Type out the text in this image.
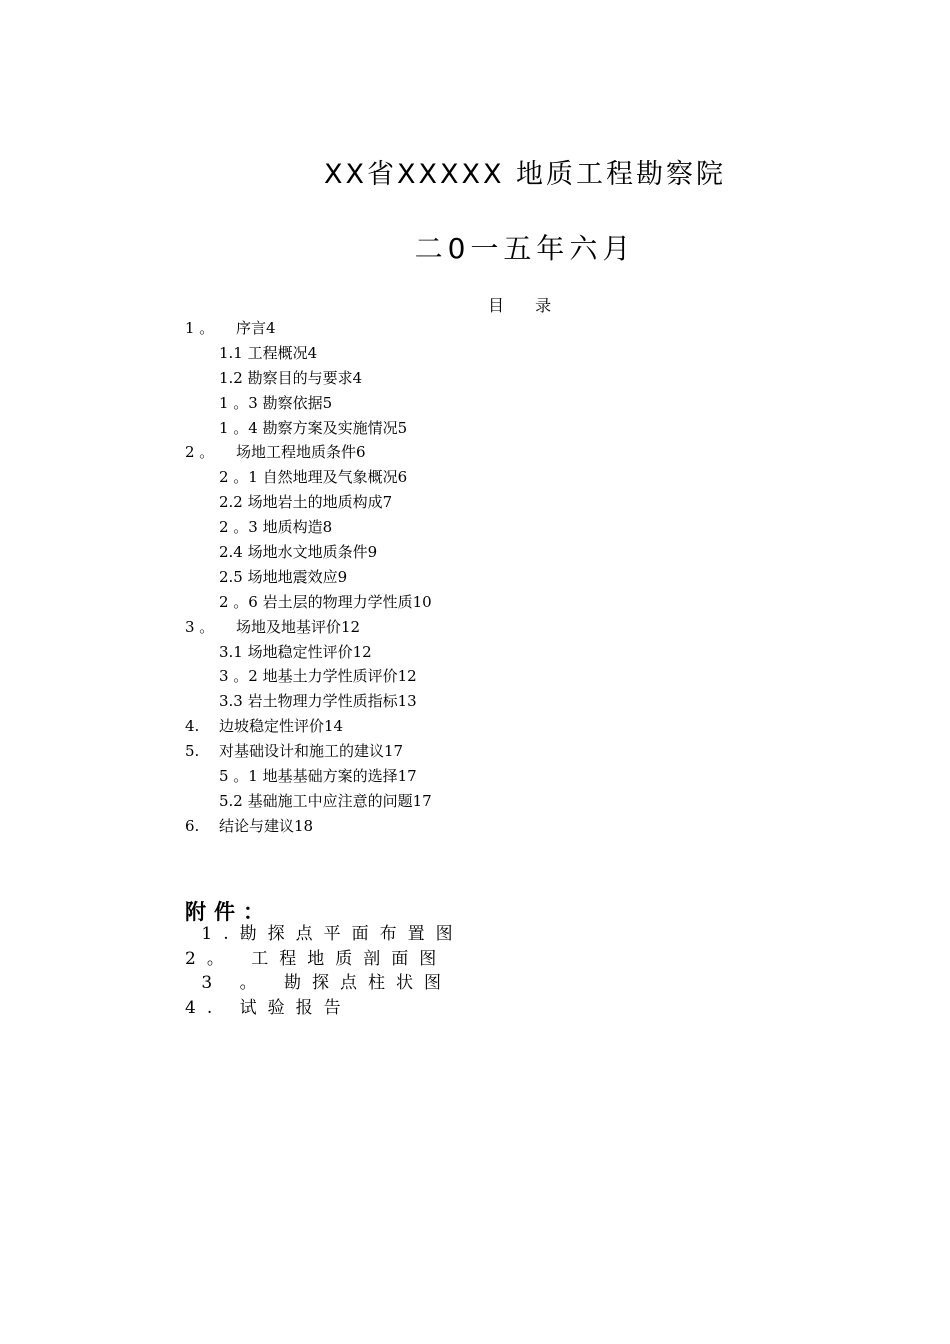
XX省XXXXX 地质工程勘察院
二0一五年六月
目 录
1 。 序言4
1.1 工程概况4
1.2 勘察目的与要求4
1 。3 勘察依据5
1 。4 勘察方案及实施情况5
2 。 场地工程地质条件6
2 。1 自然地理及气象概况6
2.2 场地岩土的地质构成7
2 。3 地质构造8
2.4 场地水文地质条件9
2.5 场地地震效应9
2 。6 岩土层的物理力学性质10
3 。 场地及地基评价12
3.1 场地稳定性评价12
3 。2 地基土力学性质评价12
3.3 岩土物理力学性质指标13
4. 边坡稳定性评价14
5. 对基础设计和施工的建议17
5 。1 地基基础方案的选择17
5.2 基础施工中应注意的问题17
6. 结论与建议18
附件：
1.勘探点平面布置图
2。 工程地质剖面图
3 。 勘探点柱状图
4. 试验报告
